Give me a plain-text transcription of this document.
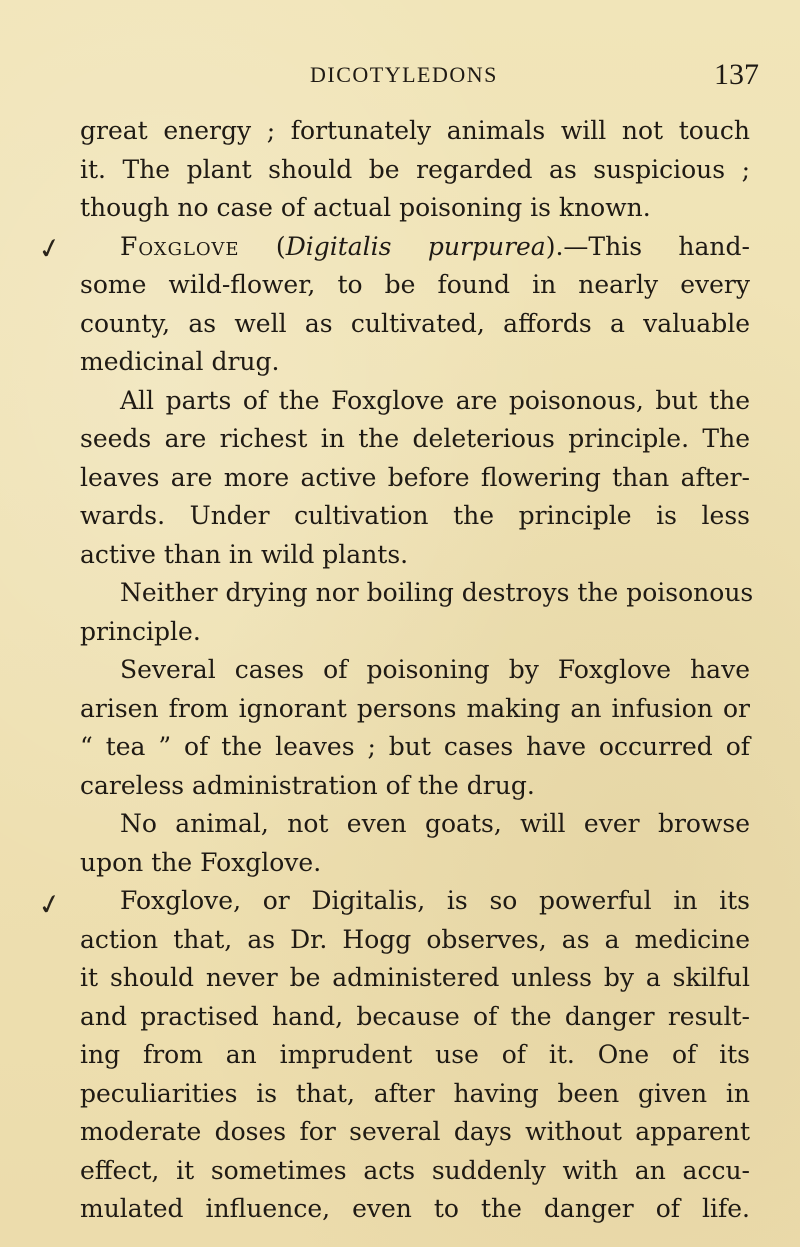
DICOTYLEDONS	137
✓
✓
great energy ; fortunately animals will not touch
it. The plant should be regarded as suspicious ;
though no case of actual poisoning is known.
Foxglove (Digitalis purpurea).—This hand-
some wild-flower, to be found in nearly every
county, as well as cultivated, affords a valuable
medicinal drug.
All parts of the Foxglove are poisonous, but the
seeds are richest in the deleterious principle. The
leaves are more active before flowering than after-
wards. Under cultivation the principle is less
active than in wild plants.
Neither drying nor boiling destroys the poisonous
principle.
Several cases of poisoning by Foxglove have
arisen from ignorant persons making an infusion or
“ tea ” of the leaves ; but cases have occurred of
careless administration of the drug.
No animal, not even goats, will ever browse
upon the Foxglove.
Foxglove, or Digitalis, is so powerful in its
action that, as Dr. Hogg observes, as a medicine
it should never be administered unless by a skilful
and practised hand, because of the danger result-
ing from an imprudent use of it. One of its
peculiarities is that, after having been given in
moderate doses for several days without apparent
effect, it sometimes acts suddenly with an accu-
mulated influence, even to the danger of life.
